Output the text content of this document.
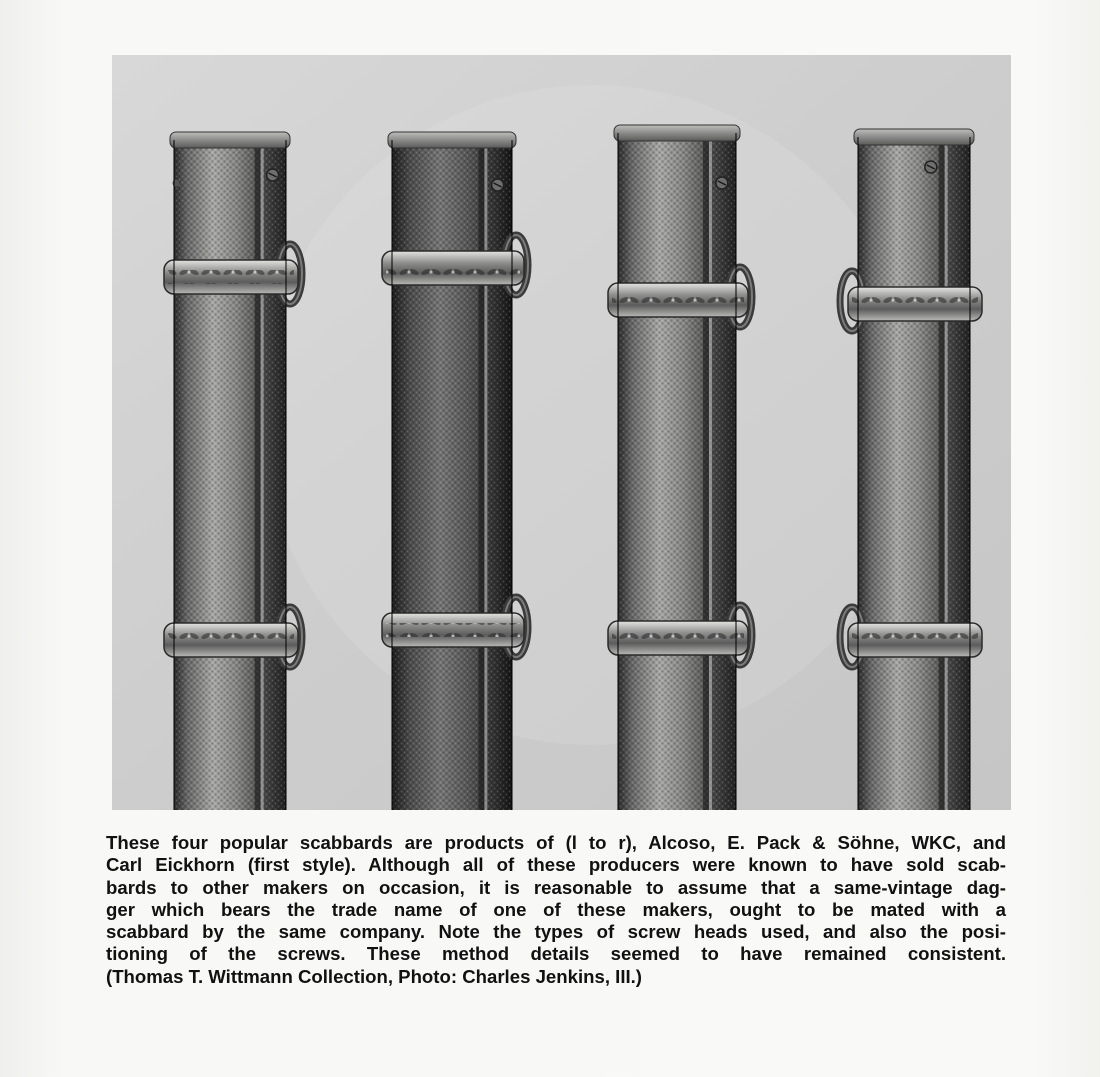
These four popular scabbards are products of (l to r), Alcoso, E. Pack & Söhne, WKC, and
Carl Eickhorn (first style). Although all of these producers were known to have sold scab-
bards to other makers on occasion, it is reasonable to assume that a same-vintage dag-
ger which bears the trade name of one of these makers, ought to be mated with a
scabbard by the same company. Note the types of screw heads used, and also the posi-
tioning of the screws. These method details seemed to have remained consistent.
(Thomas T. Wittmann Collection, Photo: Charles Jenkins, III.)
